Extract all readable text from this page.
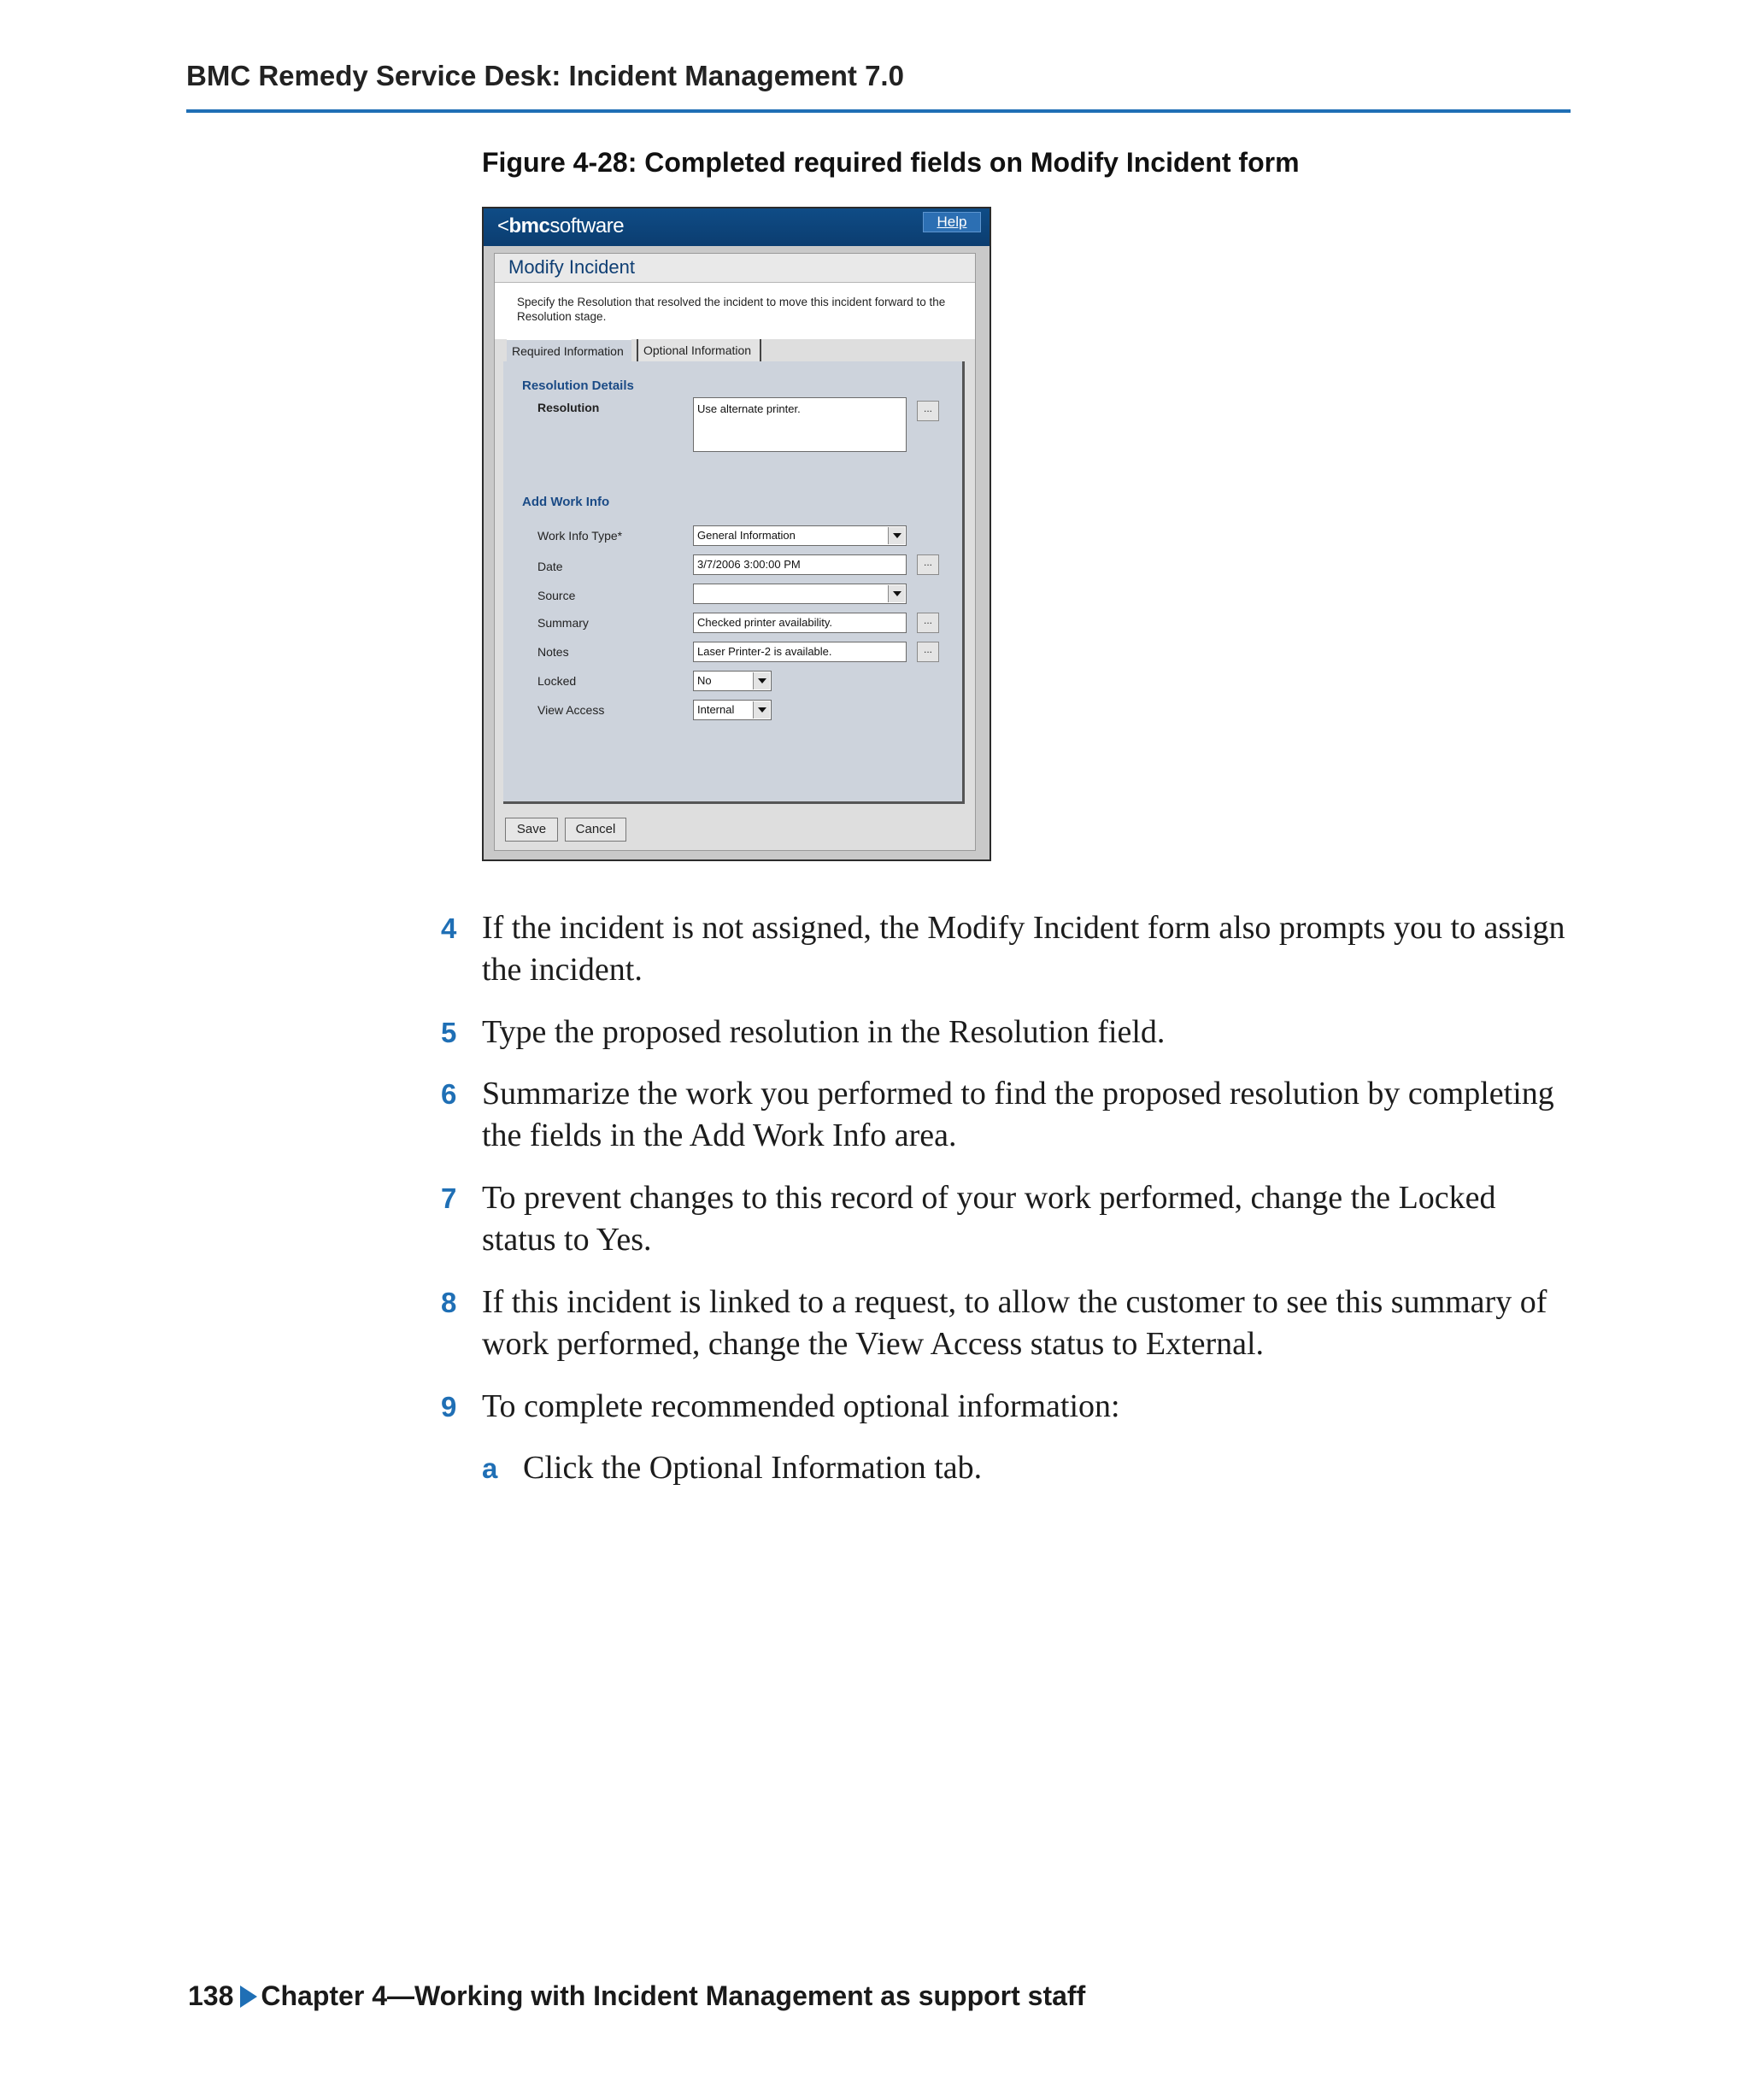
BMC Remedy Service Desk: Incident Management 7.0
Figure 4-28: Completed required fields on Modify Incident form
<bmcsoftware	Help
Modify Incident
Specify the Resolution that resolved the incident to move this incident forward to the Resolution stage.
Required Information	Optional Information
Resolution Details
Resolution	Use alternate printer.	...
Add Work Info
Work Info Type*	General Information
Date	3/7/2006 3:00:00 PM	...
Source
Summary	Checked printer availability.	...
Notes	Laser Printer-2 is available.	...
Locked	No
View Access	Internal
Save	Cancel
4 If the incident is not assigned, the Modify Incident form also prompts you to assign the incident.
5 Type the proposed resolution in the Resolution field.
6 Summarize the work you performed to find the proposed resolution by completing the fields in the Add Work Info area.
7 To prevent changes to this record of your work performed, change the Locked status to Yes.
8 If this incident is linked to a request, to allow the customer to see this summary of work performed, change the View Access status to External.
9 To complete recommended optional information:
a Click the Optional Information tab.
138 Chapter 4—Working with Incident Management as support staff
